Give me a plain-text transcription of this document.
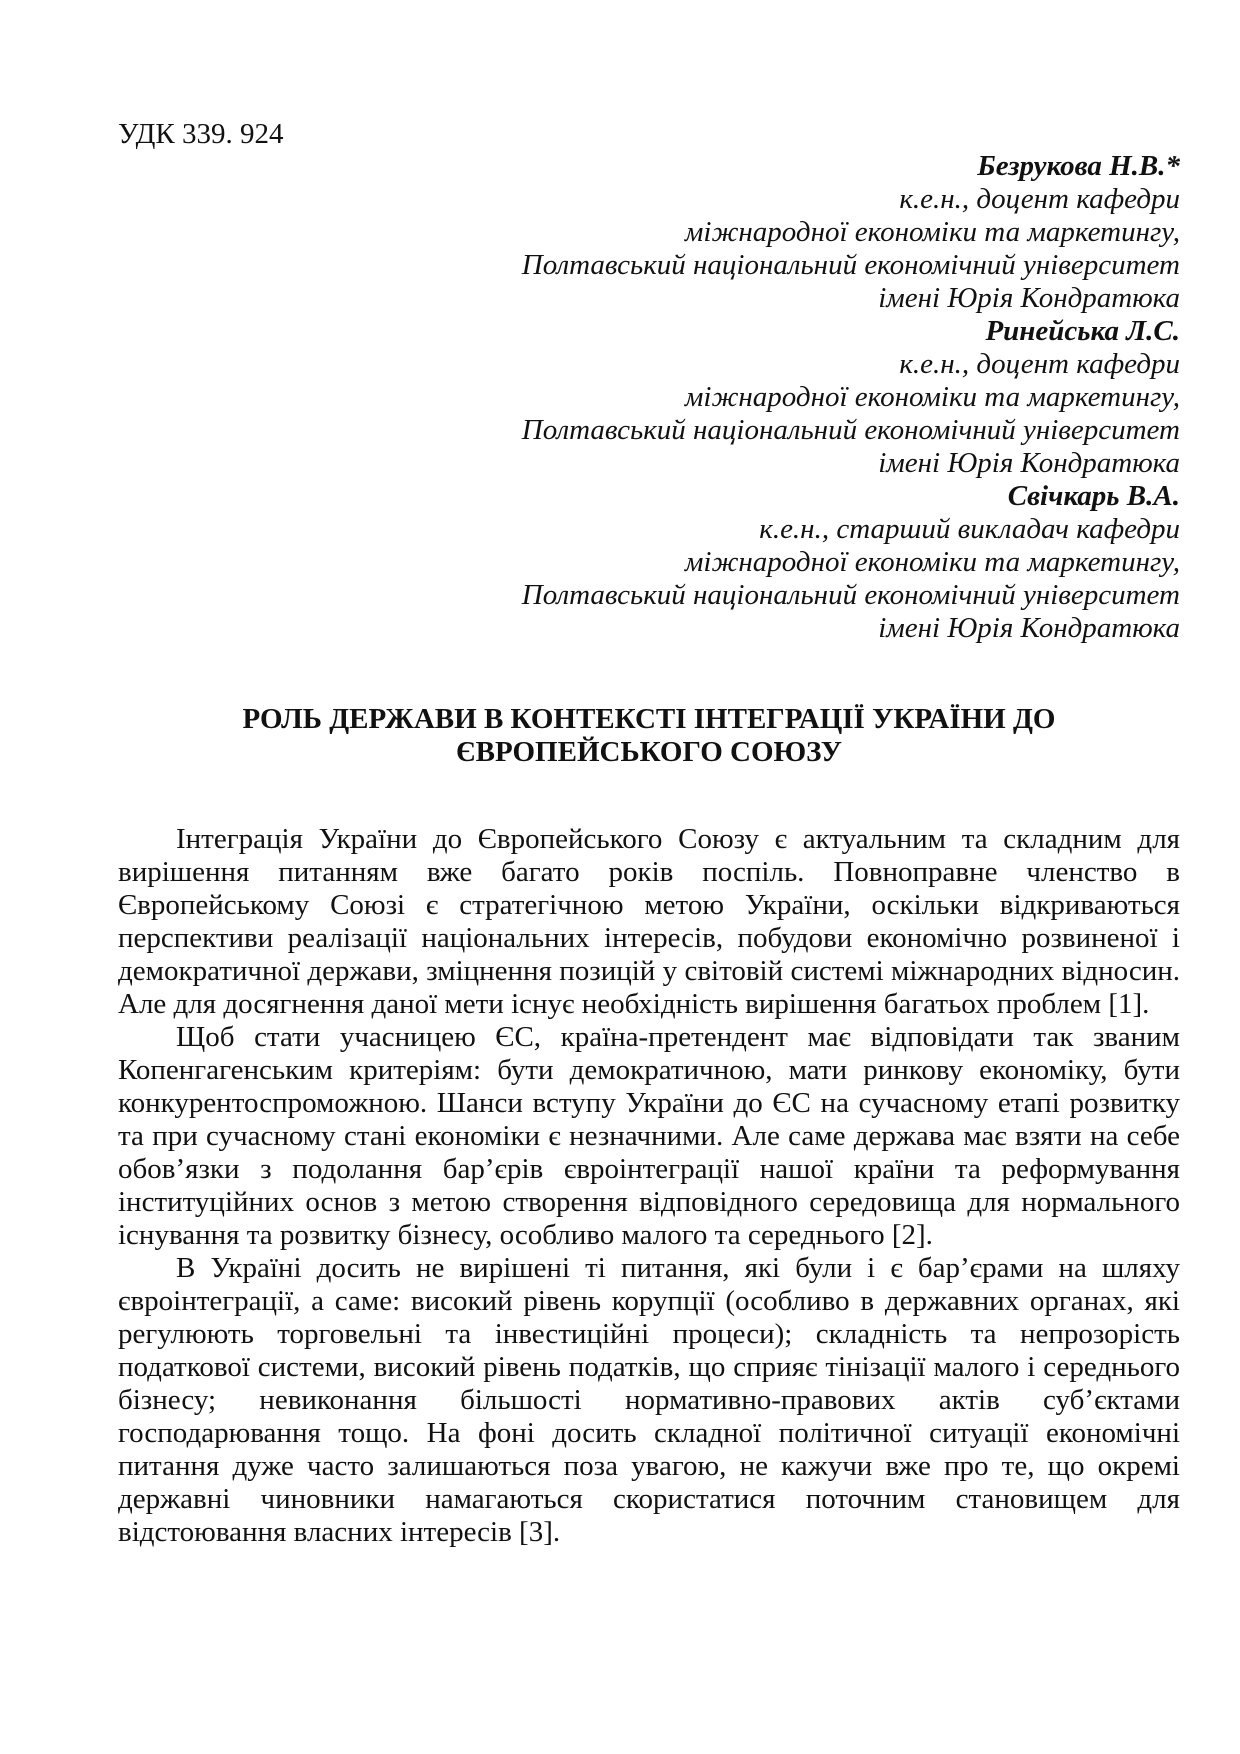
УДК 339. 924

Безрукова Н.В.*
к.е.н., доцент кафедри
міжнародної економіки та маркетингу,
Полтавський національний економічний університет
імені Юрія Кондратюка
Ринейська Л.С.
к.е.н., доцент кафедри
міжнародної економіки та маркетингу,
Полтавський національний економічний університет
імені Юрія Кондратюка
Свічкарь В.А.
к.е.н., старший викладач кафедри
міжнародної економіки та маркетингу,
Полтавський національний економічний університет
імені Юрія Кондратюка
РОЛЬ ДЕРЖАВИ В КОНТЕКСТІ ІНТЕГРАЦІЇ УКРАЇНИ ДО
ЄВРОПЕЙСЬКОГО СОЮЗУ

Інтеграція України до Європейського Союзу є актуальним та складним для вирішення питанням вже багато років поспіль. Повноправне членство в Європейському Союзі є стратегічною метою України, оскільки відкриваються перспективи реалізації національних інтересів, побудови економічно розвиненої і демократичної держави, зміцнення позицій у світовій системі міжнародних відносин. Але для досягнення даної мети існує необхідність вирішення багатьох проблем [1].

Щоб стати учасницею ЄС, країна-претендент має відповідати так званим Копенгагенським критеріям: бути демократичною, мати ринкову економіку, бути конкурентоспроможною. Шанси вступу України до ЄС на сучасному етапі розвитку та при сучасному стані економіки є незначними. Але саме держава має взяти на себе обов’язки з подолання бар’єрів євроінтеграції нашої країни та реформування інституційних основ з метою створення відповідного середовища для нормального існування та розвитку бізнесу, особливо малого та середнього [2].

В Україні досить не вирішені ті питання, які були і є бар’єрами на шляху євроінтеграції, а саме: високий рівень корупції (особливо в державних органах, які регулюють торговельні та інвестиційні процеси); складність та непрозорість податкової системи, високий рівень податків, що сприяє тінізації малого і середнього бізнесу; невиконання більшості нормативно-правових актів суб’єктами господарювання тощо. На фоні досить складної політичної ситуації економічні питання дуже часто залишаються поза увагою, не кажучи вже про те, що окремі державні чиновники намагаються скористатися поточним становищем для відстоювання власних інтересів [3].
